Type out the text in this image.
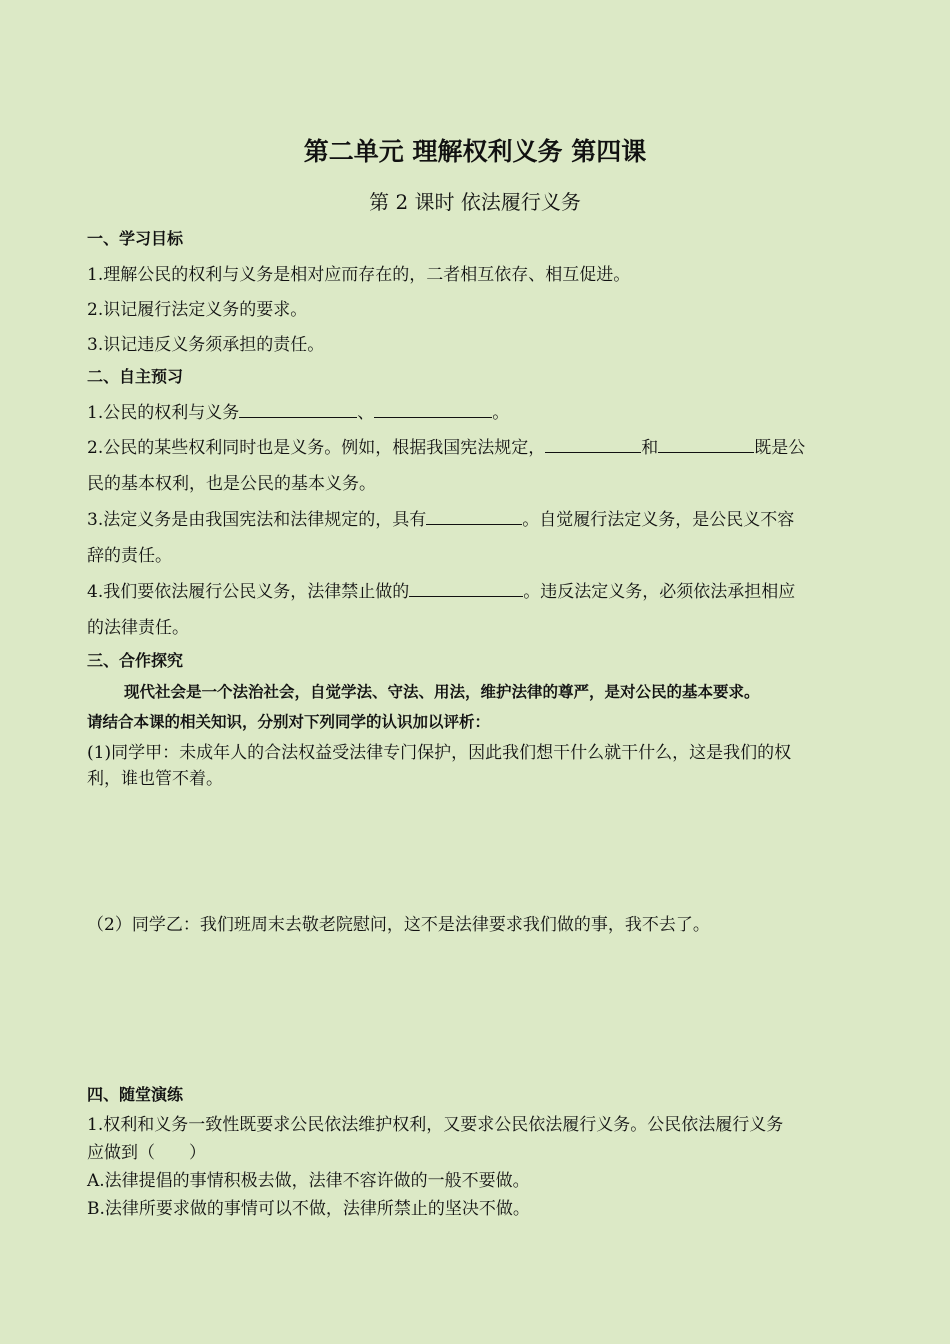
第二单元 理解权利义务 第四课
第 2 课时 依法履行义务
一、学习目标
1.理解公民的权利与义务是相对应而存在的，二者相互依存、相互促进。
2.识记履行法定义务的要求。
3.识记违反义务须承担的责任。
二、自主预习
1.公民的权利与义务	、	。
2.公民的某些权利同时也是义务。例如，根据我国宪法规定，	和	既是公
民的基本权利，也是公民的基本义务。
3.法定义务是由我国宪法和法律规定的，具有	。自觉履行法定义务，是公民义不容
辞的责任。
4.我们要依法履行公民义务，法律禁止做的	。违反法定义务，必须依法承担相应
的法律责任。
三、合作探究
现代社会是一个法治社会，自觉学法、守法、用法，维护法律的尊严，是对公民的基本要求。
请结合本课的相关知识，分别对下列同学的认识加以评析：
(1)同学甲：未成年人的合法权益受法律专门保护，因此我们想干什么就干什么，这是我们的权
利，谁也管不着。
（2）同学乙：我们班周末去敬老院慰问，这不是法律要求我们做的事，我不去了。
四、随堂演练
1.权利和义务一致性既要求公民依法维护权利，又要求公民依法履行义务。公民依法履行义务
应做到（　　）
A.法律提倡的事情积极去做，法律不容许做的一般不要做。
B.法律所要求做的事情可以不做，法律所禁止的坚决不做。
